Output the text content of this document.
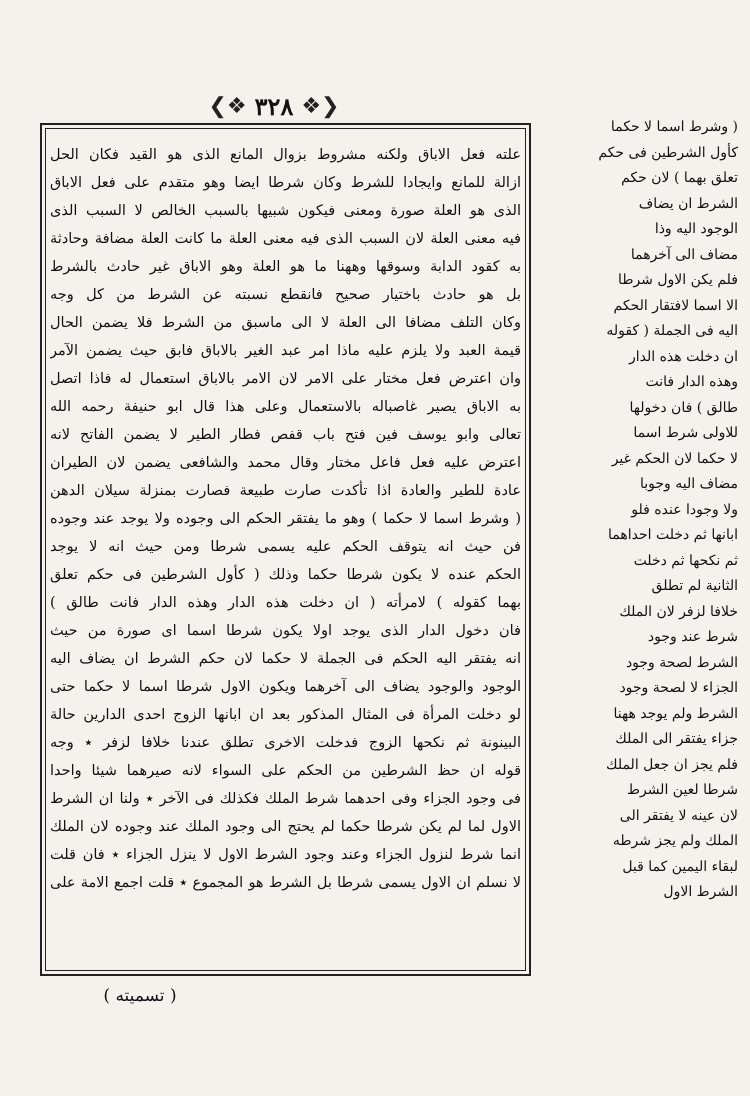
❮❖ ٣٢٨ ❖❯
علته فعل الاباق ولكنه مشروط بزوال المانع الذى هو القيد فكان الحل
ازالة للمانع وايجادا للشرط وكان شرطا ايضا وهو متقدم على فعل الاباق
الذى هو العلة صورة ومعنى فيكون شبيها بالسبب الخالص لا السبب الذى
فيه معنى العلة لان السبب الذى فيه معنى العلة ما كانت العلة مضافة وحادثة
به كقود الدابة وسوقها وههنا ما هو العلة وهو الاباق غير حادث بالشرط
بل هو حادث باختيار صحيح فانقطع نسبته عن الشرط من كل وجه
وكان التلف مضافا الى العلة لا الى ماسبق من الشرط فلا يضمن الحال
قيمة العبد ولا يلزم عليه ماذا امر عبد الغير بالاباق فابق حيث يضمن الآمر
وان اعترض فعل مختار على الامر لان الامر بالاباق استعمال له فاذا اتصل
به الاباق يصير غاصباله بالاستعمال وعلى هذا قال ابو حنيفة رحمه الله
تعالى وابو يوسف فين فتح باب قفص فطار الطير لا يضمن الفاتح لانه
اعترض عليه فعل فاعل مختار وقال محمد والشافعى يضمن لان الطيران
عادة للطير والعادة اذا تأكدت صارت طبيعة فصارت بمنزلة سيلان الدهن
( وشرط اسما لا حكما ) وهو ما يفتقر الحكم الى وجوده ولا يوجد عند وجوده
فن حيث انه يتوقف الحكم عليه يسمى شرطا ومن حيث انه لا يوجد
الحكم عنده لا يكون شرطا حكما وذلك ( كأول الشرطين فى حكم تعلق
بهما كقوله ) لامرأته ( ان دخلت هذه الدار وهذه الدار فانت طالق )
فان دخول الدار الذى يوجد اولا يكون شرطا اسما اى صورة من حيث
انه يفتقر اليه الحكم فى الجملة لا حكما لان حكم الشرط ان يضاف اليه
الوجود والوجود يضاف الى آخرهما ويكون الاول شرطا اسما لا حكما حتى
لو دخلت المرأة فى المثال المذكور بعد ان ابانها الزوج احدى الدارين حالة
البينونة ثم نكحها الزوج فدخلت الاخرى تطلق عندنا خلافا لزفر ٭ وجه
قوله ان حظ الشرطين من الحكم على السواء لانه صيرهما شيئا واحدا
فى وجود الجزاء وفى احدهما شرط الملك فكذلك فى الآخر ٭ ولنا ان الشرط
الاول لما لم يكن شرطا حكما لم يحتج الى وجود الملك عند وجوده لان الملك
انما شرط لنزول الجزاء وعند وجود الشرط الاول لا ينزل الجزاء ٭ فان قلت
لا نسلم ان الاول يسمى شرطا بل الشرط هو المجموع ٭ قلت اجمع الامة على
( وشرط اسما لا حكما
كأول الشرطين فى حكم
تعلق بهما ) لان حكم
الشرط ان يضاف
الوجود اليه وذا
مضاف الى آخرهما
فلم يكن الاول شرطا
الا اسما لافتقار الحكم
اليه فى الجملة ( كقوله
ان دخلت هذه الدار
وهذه الدار فانت
طالق ) فان دخولها
للاولى شرط اسما
لا حكما لان الحكم غير
مضاف اليه وجوبا
ولا وجودا عنده فلو
ابانها ثم دخلت احداهما
ثم نكحها ثم دخلت
الثانية لم تطلق
خلافا لزفر لان الملك
شرط عند وجود
الشرط لصحة وجود
الجزاء لا لصحة وجود
الشرط ولم يوجد ههنا
جزاء يفتقر الى الملك
فلم يجز ان جعل الملك
شرطا لعين الشرط
لان عينه لا يفتقر الى
الملك ولم يجز شرطه
لبقاء اليمين كما قبل
الشرط الاول
( تسميته )
